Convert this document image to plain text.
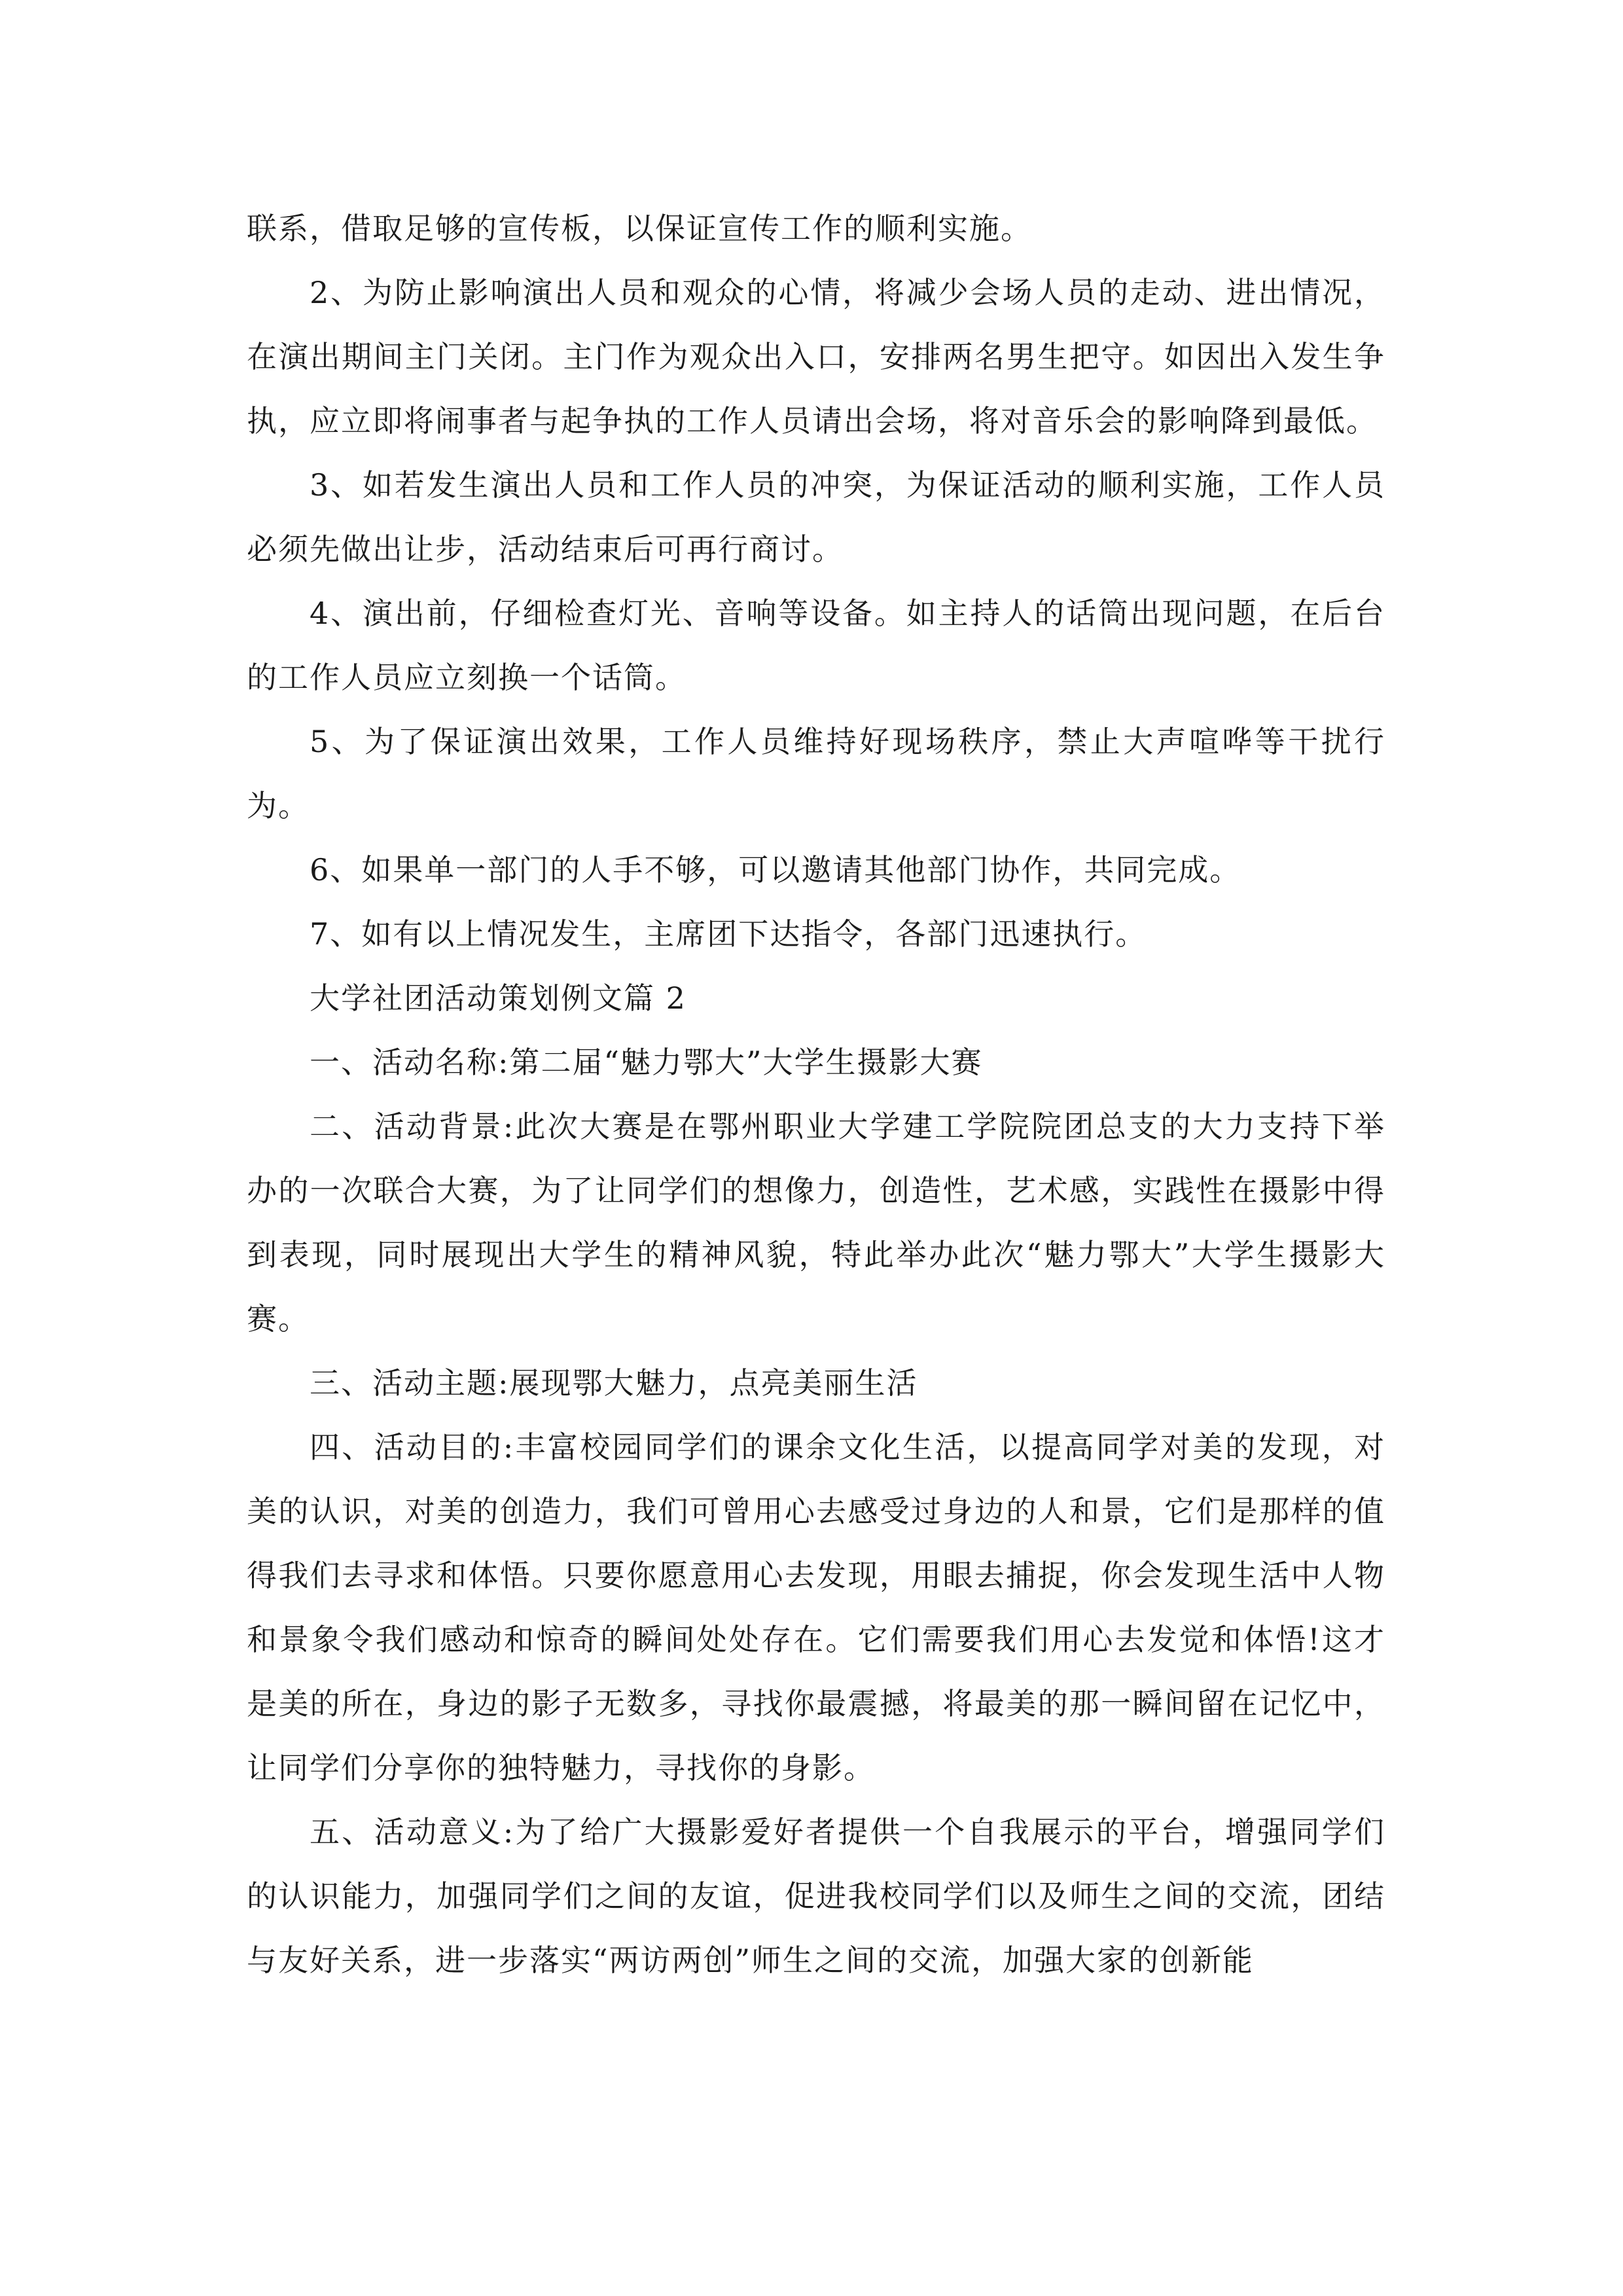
联系，借取足够的宣传板，以保证宣传工作的顺利实施。

2、为防止影响演出人员和观众的心情，将减少会场人员的走动、进出情况，在演出期间主门关闭。主门作为观众出入口，安排两名男生把守。如因出入发生争执，应立即将闹事者与起争执的工作人员请出会场，将对音乐会的影响降到最低。

3、如若发生演出人员和工作人员的冲突，为保证活动的顺利实施，工作人员必须先做出让步，活动结束后可再行商讨。

4、演出前，仔细检查灯光、音响等设备。如主持人的话筒出现问题，在后台的工作人员应立刻换一个话筒。

5、为了保证演出效果，工作人员维持好现场秩序，禁止大声喧哗等干扰行为。

6、如果单一部门的人手不够，可以邀请其他部门协作，共同完成。

7、如有以上情况发生，主席团下达指令，各部门迅速执行。

大学社团活动策划例文篇 2

一、活动名称:第二届“魅力鄂大”大学生摄影大赛

二、活动背景:此次大赛是在鄂州职业大学建工学院院团总支的大力支持下举办的一次联合大赛，为了让同学们的想像力，创造性，艺术感，实践性在摄影中得到表现，同时展现出大学生的精神风貌，特此举办此次“魅力鄂大”大学生摄影大赛。

三、活动主题:展现鄂大魅力，点亮美丽生活

四、活动目的:丰富校园同学们的课余文化生活，以提高同学对美的发现，对美的认识，对美的创造力，我们可曾用心去感受过身边的人和景，它们是那样的值得我们去寻求和体悟。只要你愿意用心去发现，用眼去捕捉，你会发现生活中人物和景象令我们感动和惊奇的瞬间处处存在。它们需要我们用心去发觉和体悟!这才是美的所在，身边的影子无数多，寻找你最震撼，将最美的那一瞬间留在记忆中，让同学们分享你的独特魅力，寻找你的身影。

五、活动意义:为了给广大摄影爱好者提供一个自我展示的平台，增强同学们的认识能力，加强同学们之间的友谊，促进我校同学们以及师生之间的交流，团结与友好关系，进一步落实“两访两创”师生之间的交流，加强大家的创新能
